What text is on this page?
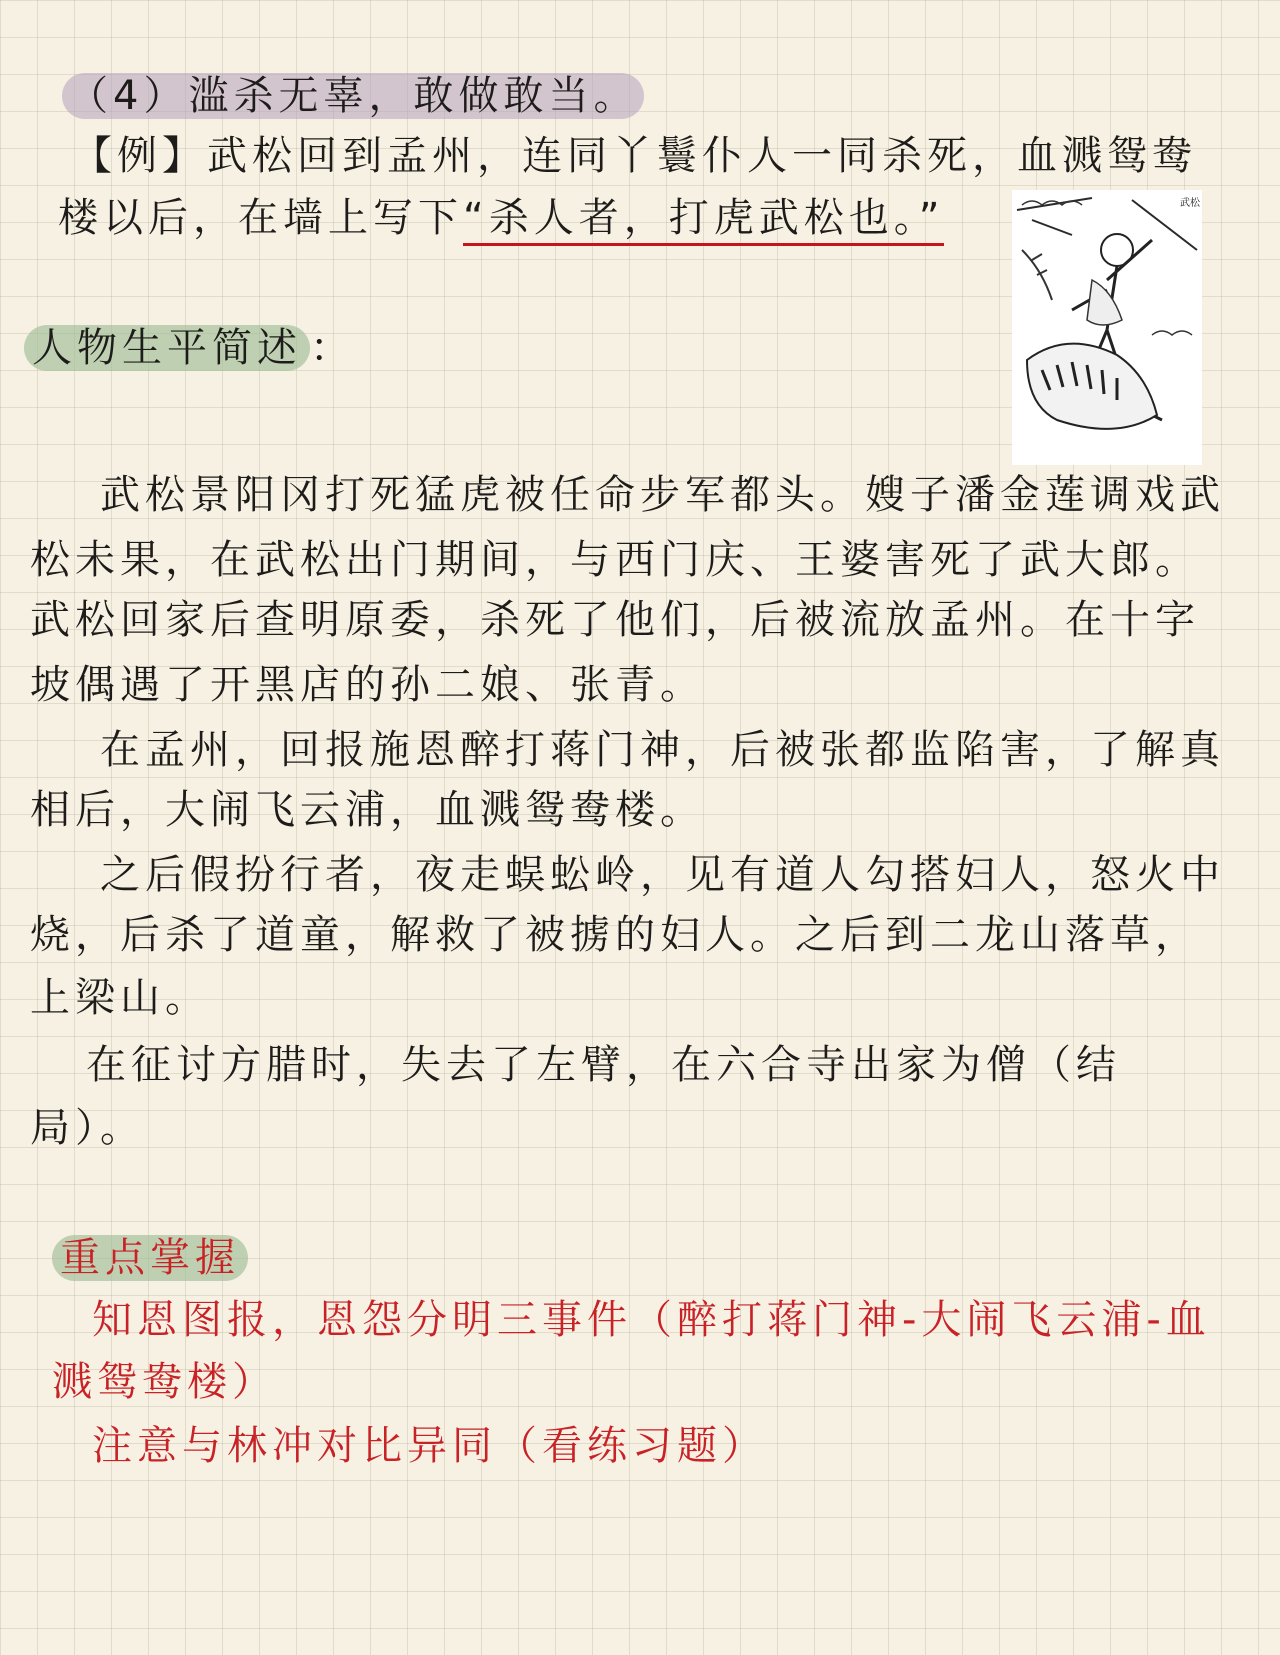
（4）滥杀无辜，敢做敢当。
【例】武松回到孟州，连同丫鬟仆人一同杀死，血溅鸳鸯
楼以后，在墙上写下“杀人者，打虎武松也。”	武松
人物生平简述 ：
武松景阳冈打死猛虎被任命步军都头。嫂子潘金莲调戏武
松未果，在武松出门期间，与西门庆、王婆害死了武大郎。
武松回家后查明原委，杀死了他们，后被流放孟州。在十字
坡偶遇了开黑店的孙二娘、张青。
在孟州，回报施恩醉打蒋门神，后被张都监陷害，了解真
相后，大闹飞云浦，血溅鸳鸯楼。
之后假扮行者，夜走蜈蚣岭，见有道人勾搭妇人，怒火中
烧，后杀了道童，解救了被掳的妇人。之后到二龙山落草，
上梁山。
在征讨方腊时，失去了左臂，在六合寺出家为僧（结
局）。
重点掌握
知恩图报，恩怨分明三事件（醉打蒋门神-大闹飞云浦-血
溅鸳鸯楼）
注意与林冲对比异同（看练习题）
